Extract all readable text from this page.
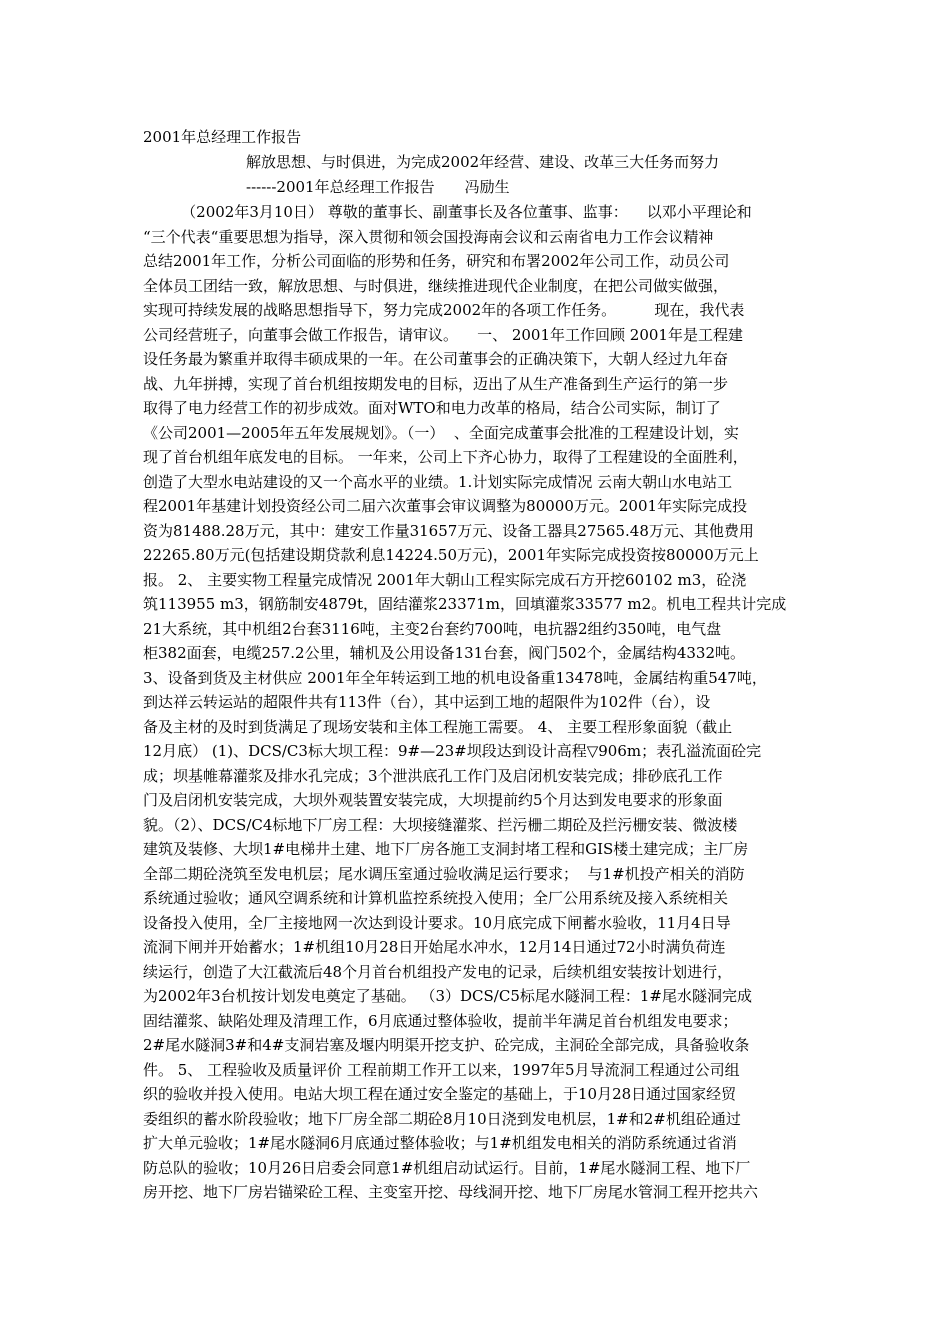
2001年总经理工作报告
解放思想、与时俱进，为完成2002年经营、建设、改革三大任务而努力
------2001年总经理工作报告 冯励生
（2002年3月10日） 尊敬的董事长、副董事长及各位董事、监事：    以邓小平理论和
“三个代表“重要思想为指导，深入贯彻和领会国投海南会议和云南省电力工作会议精神
总结2001年工作，分析公司面临的形势和任务，研究和布署2002年公司工作，动员公司
全体员工团结一致，解放思想、与时俱进，继续推进现代企业制度，在把公司做实做强，
实现可持续发展的战略思想指导下，努力完成2002年的各项工作任务。        现在，我代表
公司经营班子，向董事会做工作报告，请审议。    一、 2001年工作回顾 2001年是工程建
设任务最为繁重并取得丰硕成果的一年。在公司董事会的正确决策下，大朝人经过九年奋
战、九年拼搏，实现了首台机组按期发电的目标，迈出了从生产准备到生产运行的第一步
取得了电力经营工作的初步成效。面对WTO和电力改革的格局，结合公司实际，制订了
《公司2001—2005年五年发展规划》。（一）  、全面完成董事会批准的工程建设计划，实
现了首台机组年底发电的目标。 一年来，公司上下齐心协力，取得了工程建设的全面胜利，
创造了大型水电站建设的又一个高水平的业绩。1.计划实际完成情况 云南大朝山水电站工
程2001年基建计划投资经公司二届六次董事会审议调整为80000万元。2001年实际完成投
资为81488.28万元，其中：建安工作量31657万元、设备工器具27565.48万元、其他费用
22265.80万元(包括建设期贷款利息14224.50万元)，2001年实际完成投资按80000万元上
报。 2、 主要实物工程量完成情况 2001年大朝山工程实际完成石方开挖60102 m3，砼浇
筑113955 m3，钢筋制安4879t，固结灌浆23371m，回填灌浆33577 m2。机电工程共计完成
21大系统，其中机组2台套3116吨，主变2台套约700吨，电抗器2组约350吨，电气盘
柜382面套，电缆257.2公里，辅机及公用设备131台套，阀门502个，金属结构4332吨。
3、设备到货及主材供应 2001年全年转运到工地的机电设备重13478吨，金属结构重547吨，
到达祥云转运站的超限件共有113件（台），其中运到工地的超限件为102件（台），设
备及主材的及时到货满足了现场安装和主体工程施工需要。 4、 主要工程形象面貌（截止
12月底） (1)、DCS/C3标大坝工程：9#—23#坝段达到设计高程▽906m；表孔溢流面砼完
成；坝基帷幕灌浆及排水孔完成；3个泄洪底孔工作门及启闭机安装完成；排砂底孔工作
门及启闭机安装完成，大坝外观装置安装完成，大坝提前约5个月达到发电要求的形象面
貌。（2）、DCS/C4标地下厂房工程：大坝接缝灌浆、拦污栅二期砼及拦污栅安装、微波楼
建筑及装修、大坝1#电梯井土建、地下厂房各施工支洞封堵工程和GIS楼土建完成；主厂房
全部二期砼浇筑至发电机层；尾水调压室通过验收满足运行要求；  与1#机投产相关的消防
系统通过验收；通风空调系统和计算机监控系统投入使用；全厂公用系统及接入系统相关
设备投入使用，全厂主接地网一次达到设计要求。10月底完成下闸蓄水验收，11月4日导
流洞下闸并开始蓄水；1#机组10月28日开始尾水冲水，12月14日通过72小时满负荷连
续运行，创造了大江截流后48个月首台机组投产发电的记录，后续机组安装按计划进行，
为2002年3台机按计划发电奠定了基础。 （3）DCS/C5标尾水隧洞工程：1#尾水隧洞完成
固结灌浆、缺陷处理及清理工作，6月底通过整体验收，提前半年满足首台机组发电要求；
2#尾水隧洞3#和4#支洞岩塞及堰内明渠开挖支护、砼完成，主洞砼全部完成，具备验收条
件。 5、 工程验收及质量评价 工程前期工作开工以来，1997年5月导流洞工程通过公司组
织的验收并投入使用。电站大坝工程在通过安全鉴定的基础上，于10月28日通过国家经贸
委组织的蓄水阶段验收；地下厂房全部二期砼8月10日浇到发电机层，1#和2#机组砼通过
扩大单元验收；1#尾水隧洞6月底通过整体验收；与1#机组发电相关的消防系统通过省消
防总队的验收；10月26日启委会同意1#机组启动试运行。目前，1#尾水隧洞工程、地下厂
房开挖、地下厂房岩锚梁砼工程、主变室开挖、母线洞开挖、地下厂房尾水管洞工程开挖共六
